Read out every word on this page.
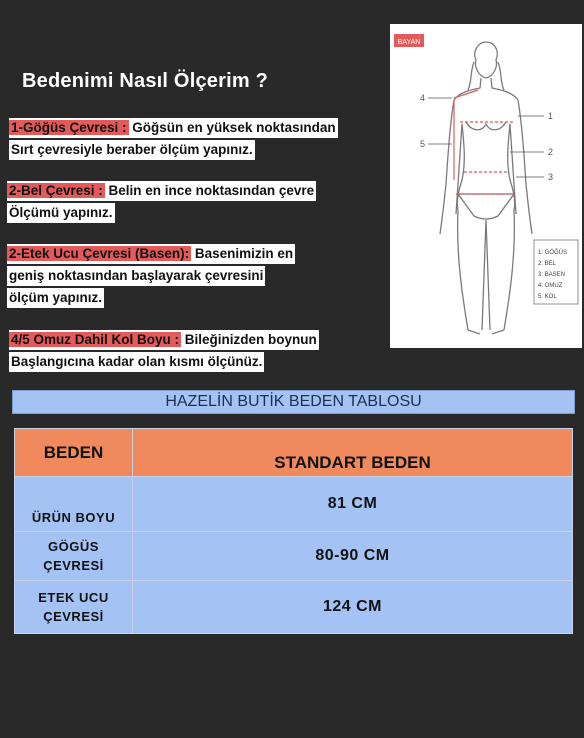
Bedenimi Nasıl Ölçerim ?
1-Göğüs Çevresi : Göğsün en yüksek noktasından
Sırt çevresiyle beraber ölçüm yapınız.
2-Bel Çevresi : Belin en ince noktasından çevre
Ölçümü yapınız.
2-Etek Ucu Çevresi (Basen): Basenimizin en
geniş noktasından başlayarak çevresini
ölçüm yapınız.
4/5 Omuz Dahil Kol Boyu : Bileğinizden boynun
Başlangıcına kadar olan kısmı ölçünüz.
BAYAN
4
1
5
2
3
1: GÖĞÜS
2: BEL
3: BASEN
4: OMUZ
5: KOL
HAZELİN BUTİK BEDEN TABLOSU
BEDEN	STANDART BEDEN
ÜRÜN BOYU	81 CM

GÖGÜS
ÇEVRESİ	80-90 CM

ETEK UCU
ÇEVRESİ	124 CM
